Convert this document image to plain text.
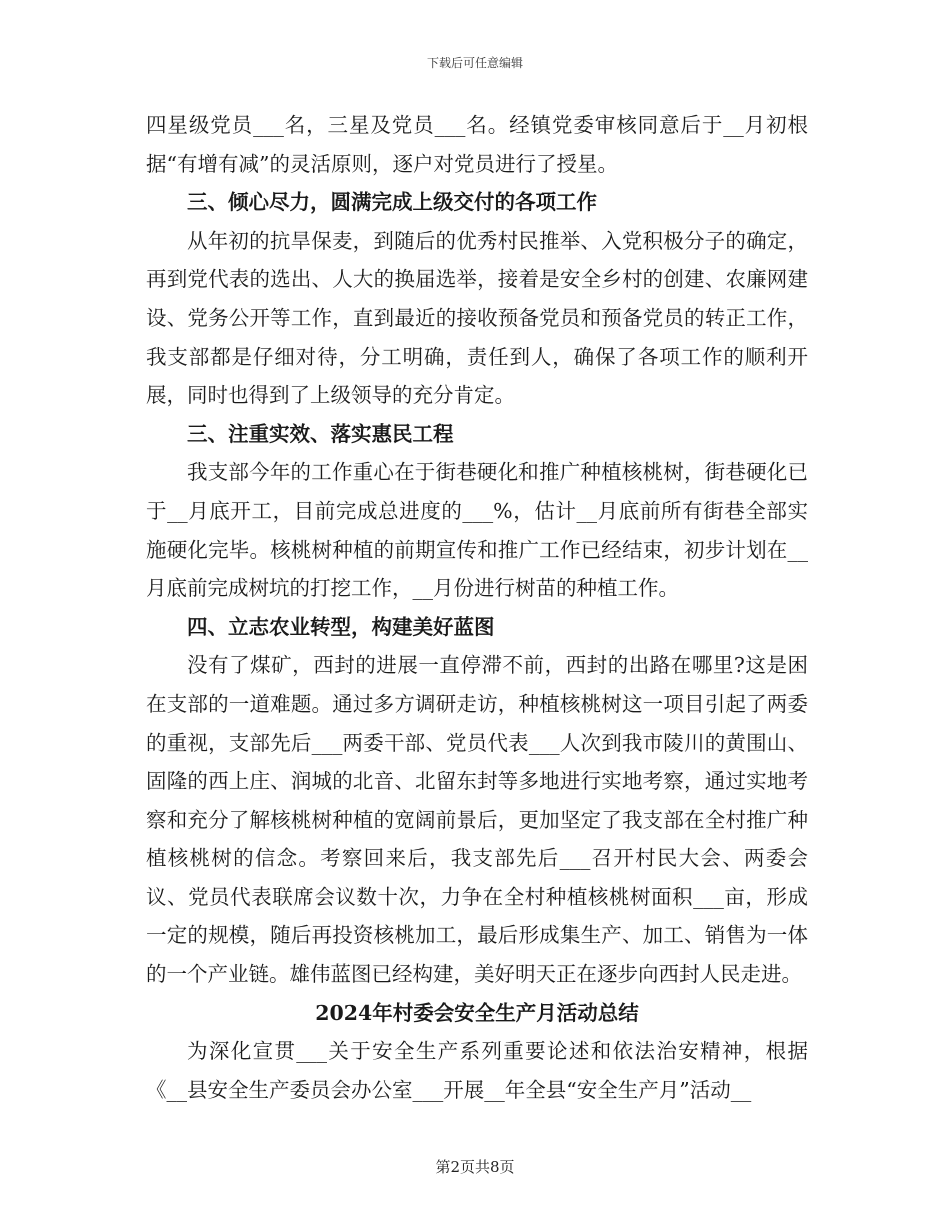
下载后可任意编辑

四星级党员___名，三星及党员___名。经镇党委审核同意后于__月初根据“有增有减”的灵活原则，逐户对党员进行了授星。

三、倾心尽力，圆满完成上级交付的各项工作

从年初的抗旱保麦，到随后的优秀村民推举、入党积极分子的确定，再到党代表的选出、人大的换届选举，接着是安全乡村的创建、农廉网建设、党务公开等工作，直到最近的接收预备党员和预备党员的转正工作，我支部都是仔细对待，分工明确，责任到人，确保了各项工作的顺利开展，同时也得到了上级领导的充分肯定。

三、注重实效、落实惠民工程

我支部今年的工作重心在于街巷硬化和推广种植核桃树，街巷硬化已于__月底开工，目前完成总进度的___%，估计__月底前所有街巷全部实施硬化完毕。核桃树种植的前期宣传和推广工作已经结束，初步计划在__月底前完成树坑的打挖工作，__月份进行树苗的种植工作。

四、立志农业转型，构建美好蓝图

没有了煤矿，西封的进展一直停滞不前，西封的出路在哪里?这是困在支部的一道难题。通过多方调研走访，种植核桃树这一项目引起了两委的重视，支部先后___两委干部、党员代表___人次到我市陵川的黄围山、固隆的西上庄、润城的北音、北留东封等多地进行实地考察，通过实地考察和充分了解核桃树种植的宽阔前景后，更加坚定了我支部在全村推广种植核桃树的信念。考察回来后，我支部先后___召开村民大会、两委会议、党员代表联席会议数十次，力争在全村种植核桃树面积___亩，形成一定的规模，随后再投资核桃加工，最后形成集生产、加工、销售为一体的一个产业链。雄伟蓝图已经构建，美好明天正在逐步向西封人民走进。

2024年村委会安全生产月活动总结

为深化宣贯___关于安全生产系列重要论述和依法治安精神，根据《__县安全生产委员会办公室___开展__年全县“安全生产月”活动__

第2页共8页
